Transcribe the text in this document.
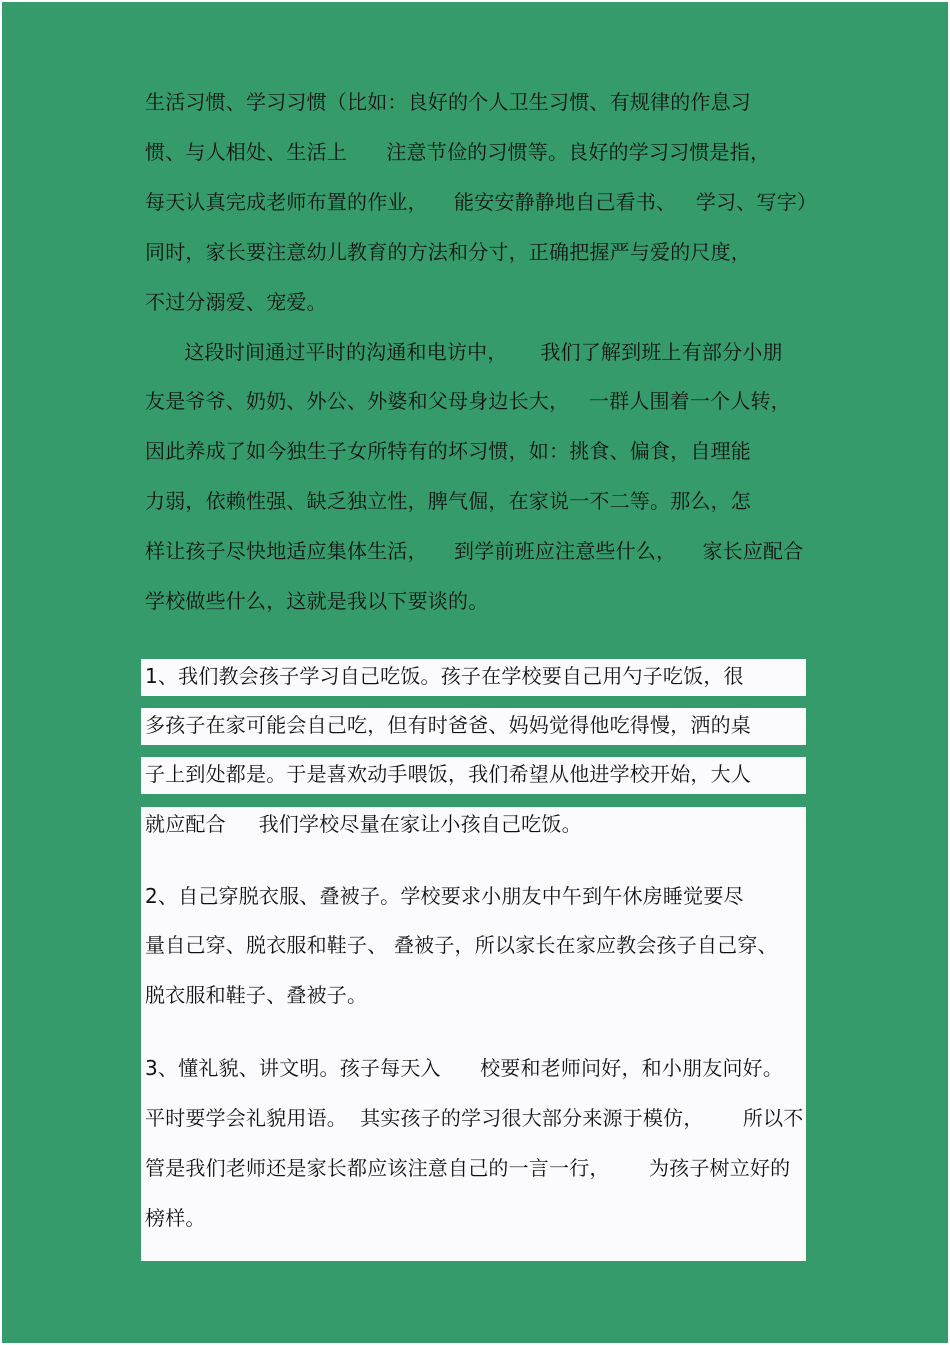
生活习惯、学习习惯（比如：良好的个人卫生习惯、有规律的作息习
惯、与人相处、生活上      注意节俭的习惯等。良好的学习习惯是指，
每天认真完成老师布置的作业，    能安安静静地自己看书、   学习、写字）
同时，家长要注意幼儿教育的方法和分寸，正确把握严与爱的尺度，
不过分溺爱、宠爱。
这段时间通过平时的沟通和电访中，     我们了解到班上有部分小朋
友是爷爷、奶奶、外公、外婆和父母身边长大，   一群人围着一个人转，
因此养成了如今独生子女所特有的坏习惯，如：挑食、偏食，自理能
力弱，依赖性强、缺乏独立性，脾气倔，在家说一不二等。那么，怎
样让孩子尽快地适应集体生活，    到学前班应注意些什么，    家长应配合
学校做些什么，这就是我以下要谈的。
1、我们教会孩子学习自己吃饭。孩子在学校要自己用勺子吃饭，很
多孩子在家可能会自己吃，但有时爸爸、妈妈觉得他吃得慢，洒的桌
子上到处都是。于是喜欢动手喂饭，我们希望从他进学校开始，大人
就应配合     我们学校尽量在家让小孩自己吃饭。
2、自己穿脱衣服、叠被子。学校要求小朋友中午到午休房睡觉要尽
量自己穿、脱衣服和鞋子、 叠被子，所以家长在家应教会孩子自己穿、
脱衣服和鞋子、叠被子。
3、懂礼貌、讲文明。孩子每天入      校要和老师问好，和小朋友问好。
平时要学会礼貌用语。  其实孩子的学习很大部分来源于模仿，      所以不
管是我们老师还是家长都应该注意自己的一言一行，      为孩子树立好的
榜样。
